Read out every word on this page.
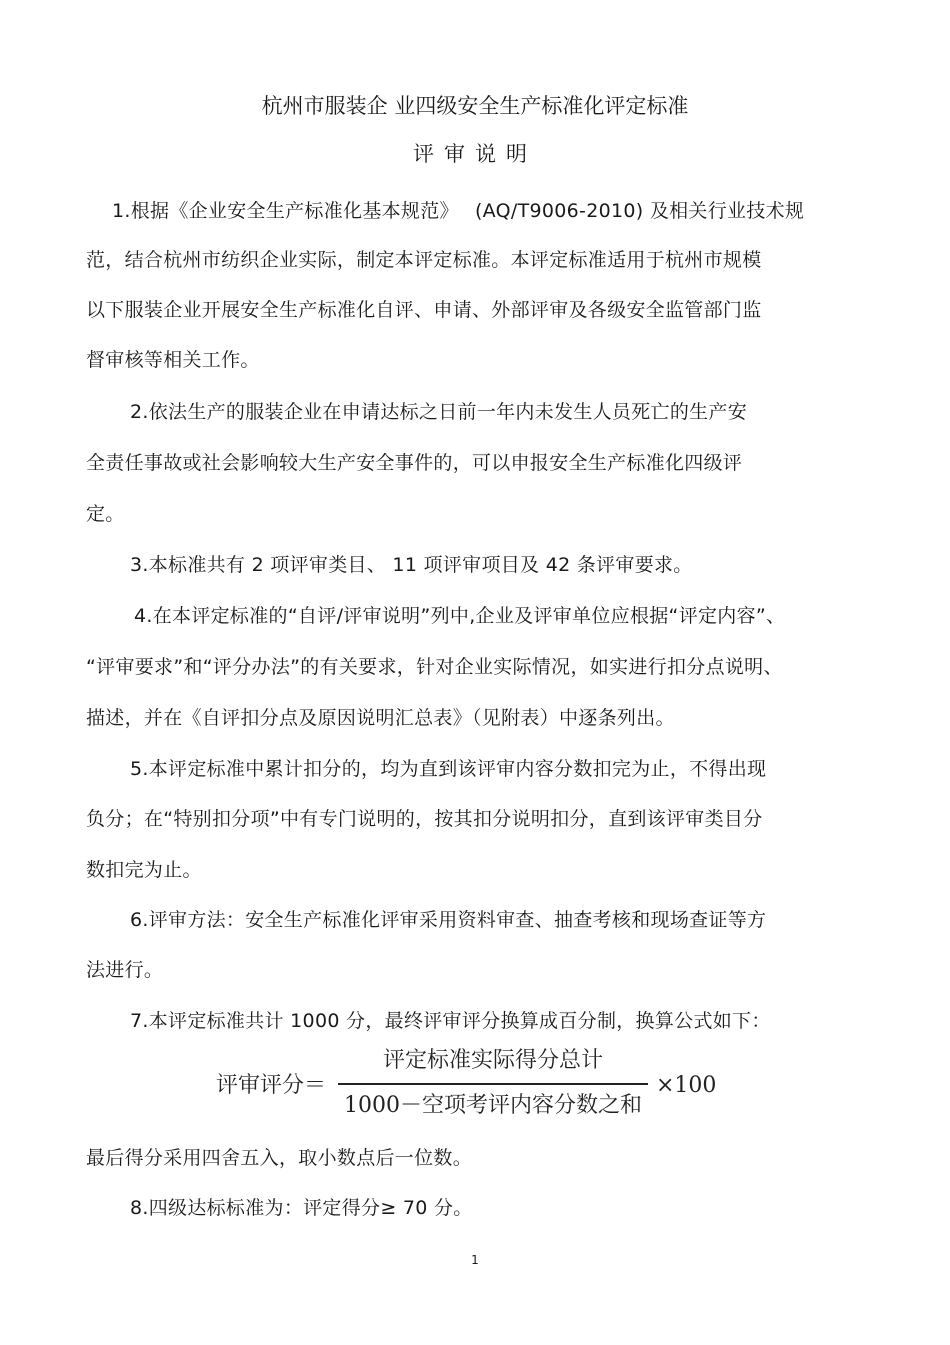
杭州市服装企 业四级安全生产标准化评定标准
评审说明
1.根据《企业安全生产标准化基本规范》　 (AQ/T9006-2010) 及相关行业技术规
范，结合杭州市纺织企业实际，制定本评定标准。本评定标准适用于杭州市规模
以下服装企业开展安全生产标准化自评、申请、外部评审及各级安全监管部门监
督审核等相关工作。
2.依法生产的服装企业在申请达标之日前一年内未发生人员死亡的生产安
全责任事故或社会影响较大生产安全事件的，可以申报安全生产标准化四级评
定。
3.本标准共有 2 项评审类目、 11 项评审项目及 42 条评审要求。
4.在本评定标准的“自评/评审说明”列中,企业及评审单位应根据“评定内容”、
“评审要求”和“评分办法”的有关要求，针对企业实际情况，如实进行扣分点说明、
描述，并在《自评扣分点及原因说明汇总表》（见附表）中逐条列出。
5.本评定标准中累计扣分的，均为直到该评审内容分数扣完为止，不得出现
负分；在“特别扣分项”中有专门说明的，按其扣分说明扣分，直到该评审类目分
数扣完为止。
6.评审方法：安全生产标准化评审采用资料审查、抽查考核和现场查证等方
法进行。
7.本评定标准共计 1000 分，最终评审评分换算成百分制，换算公式如下：
评审评分＝
评定标准实际得分总计
1000－空项考评内容分数之和
×100
最后得分采用四舍五入，取小数点后一位数。
8.四级达标标准为：评定得分≥ 70 分。
1
